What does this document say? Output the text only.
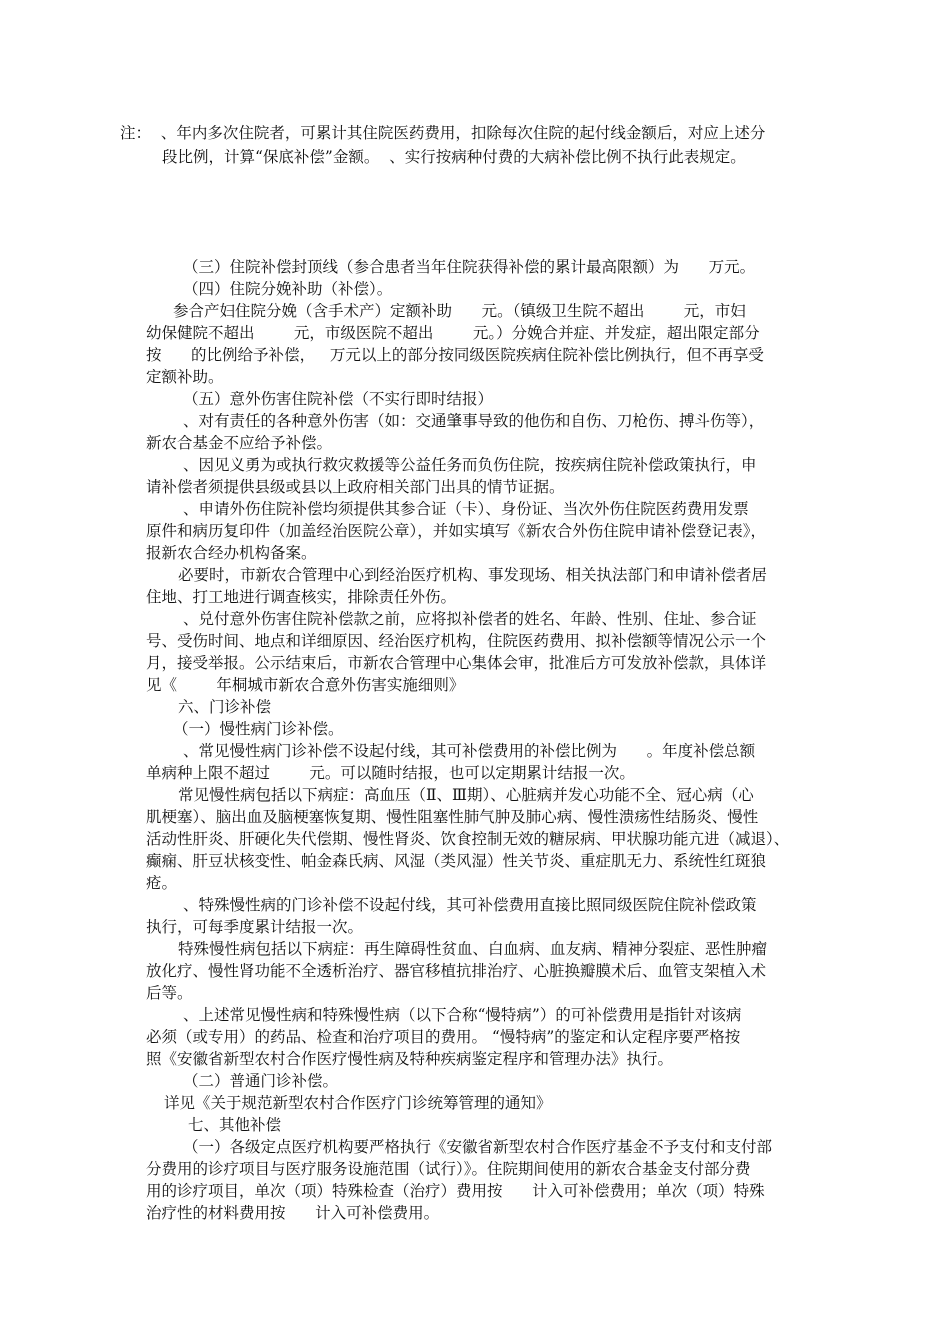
注：  、年内多次住院者，可累计其住院医药费用，扣除每次住院的起付线金额后，对应上述分

段比例，计算“保底补偿”金额。  、实行按病种付费的大病补偿比例不执行此表规定。

（三）住院补偿封顶线（参合患者当年住院获得补偿的累计最高限额）为      万元。

（四）住院分娩补助（补偿）。

参合产妇住院分娩（含手术产）定额补助      元。（镇级卫生院不超出        元，市妇

幼保健院不超出        元，市级医院不超出        元。）分娩合并症、并发症，超出限定部分

按      的比例给予补偿，   万元以上的部分按同级医院疾病住院补偿比例执行，但不再享受

定额补助。

（五）意外伤害住院补偿（不实行即时结报）

、对有责任的各种意外伤害（如：交通肇事导致的他伤和自伤、刀枪伤、搏斗伤等），

新农合基金不应给予补偿。

、因见义勇为或执行救灾救援等公益任务而负伤住院，按疾病住院补偿政策执行，申

请补偿者须提供县级或县以上政府相关部门出具的情节证据。

、申请外伤住院补偿均须提供其参合证（卡）、身份证、当次外伤住院医药费用发票

原件和病历复印件（加盖经治医院公章），并如实填写《新农合外伤住院申请补偿登记表》，

报新农合经办机构备案。

必要时，市新农合管理中心到经治医疗机构、事发现场、相关执法部门和申请补偿者居

住地、打工地进行调查核实，排除责任外伤。

、兑付意外伤害住院补偿款之前，应将拟补偿者的姓名、年龄、性别、住址、参合证

号、受伤时间、地点和详细原因、经治医疗机构，住院医药费用、拟补偿额等情况公示一个

月，接受举报。公示结束后，市新农合管理中心集体会审，批准后方可发放补偿款，具体详

见《        年桐城市新农合意外伤害实施细则》

六、门诊补偿

（一）慢性病门诊补偿。

、常见慢性病门诊补偿不设起付线，其可补偿费用的补偿比例为      。年度补偿总额

单病种上限不超过        元。可以随时结报，也可以定期累计结报一次。

常见慢性病包括以下病症：高血压（Ⅱ、Ⅲ期）、心脏病并发心功能不全、冠心病（心

肌梗塞）、脑出血及脑梗塞恢复期、慢性阻塞性肺气肿及肺心病、慢性溃疡性结肠炎、慢性

活动性肝炎、肝硬化失代偿期、慢性肾炎、饮食控制无效的糖尿病、甲状腺功能亢进（减退）、

癫痫、肝豆状核变性、帕金森氏病、风湿（类风湿）性关节炎、重症肌无力、系统性红斑狼

疮。

、特殊慢性病的门诊补偿不设起付线，其可补偿费用直接比照同级医院住院补偿政策

执行，可每季度累计结报一次。

特殊慢性病包括以下病症：再生障碍性贫血、白血病、血友病、精神分裂症、恶性肿瘤

放化疗、慢性肾功能不全透析治疗、器官移植抗排治疗、心脏换瓣膜术后、血管支架植入术

后等。

、上述常见慢性病和特殊慢性病（以下合称“慢特病”）的可补偿费用是指针对该病

必须（或专用）的药品、检查和治疗项目的费用。 “慢特病”的鉴定和认定程序要严格按

照《安徽省新型农村合作医疗慢性病及特种疾病鉴定程序和管理办法》执行。

（二）普通门诊补偿。

详见《关于规范新型农村合作医疗门诊统筹管理的通知》

七、其他补偿

（一）各级定点医疗机构要严格执行《安徽省新型农村合作医疗基金不予支付和支付部

分费用的诊疗项目与医疗服务设施范围（试行）》。住院期间使用的新农合基金支付部分费

用的诊疗项目，单次（项）特殊检查（治疗）费用按      计入可补偿费用；单次（项）特殊

治疗性的材料费用按      计入可补偿费用。
